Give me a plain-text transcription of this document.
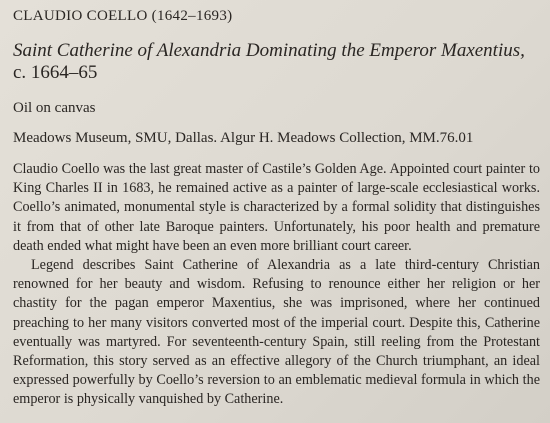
CLAUDIO COELLO (1642–1693)
Saint Catherine of Alexandria Dominating the Emperor Maxentius,
c. 1664–65
Oil on canvas
Meadows Museum, SMU, Dallas. Algur H. Meadows Collection, MM.76.01

Claudio Coello was the last great master of Castile’s Golden Age. Appointed court painter to King Charles II in 1683, he remained active as a painter of large-scale ecclesiastical works. Coello’s animated, monumental style is characterized by a formal solidity that distinguishes it from that of other late Baroque painters. Unfortunately, his poor health and premature death ended what might have been an even more brilliant court career.

Legend describes Saint Catherine of Alexandria as a late third-century Christian renowned for her beauty and wisdom. Refusing to renounce either her religion or her chastity for the pagan emperor Maxentius, she was imprisoned, where her continued preaching to her many visitors converted most of the imperial court. Despite this, Catherine eventually was martyred. For seventeenth-century Spain, still reeling from the Protestant Reformation, this story served as an effective allegory of the Church triumphant, an ideal expressed powerfully by Coello’s reversion to an emblematic medieval formula in which the emperor is physically vanquished by Catherine.
